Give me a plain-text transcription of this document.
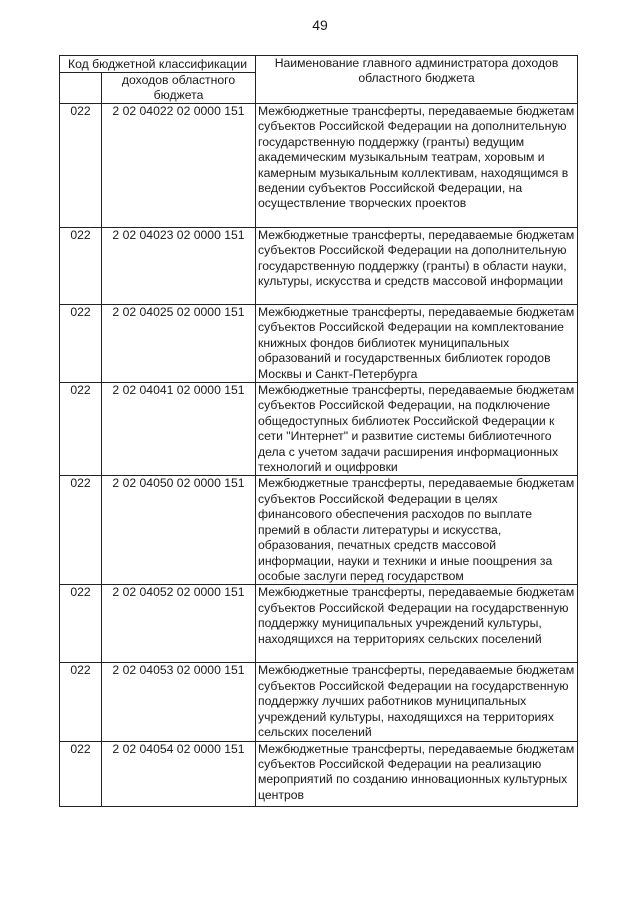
49
Код бюджетной классификации		Наименование главного администратора доходов областного бюджета
	доходов областного бюджета	
022	2 02 04022 02 0000 151	Межбюджетные трансферты, передаваемые бюджетам субъектов Российской Федерации на дополнительную государственную поддержку (гранты) ведущим академическим музыкальным театрам, хоровым и камерным музыкальным коллективам, находящимся в ведении субъектов Российской Федерации, на осуществление творческих проектов
022	2 02 04023 02 0000 151	Межбюджетные трансферты, передаваемые бюджетам субъектов Российской Федерации на дополнительную государственную поддержку (гранты) в области науки, культуры, искусства и средств массовой информации
022	2 02 04025 02 0000 151	Межбюджетные трансферты, передаваемые бюджетам субъектов Российской Федерации на комплектование книжных фондов библиотек муниципальных образований и государственных библиотек городов Москвы и Санкт-Петербурга
022	2 02 04041 02 0000 151	Межбюджетные трансферты, передаваемые бюджетам субъектов Российской Федерации, на подключение общедоступных библиотек Российской Федерации к сети "Интернет" и развитие системы библиотечного дела с учетом задачи расширения информационных технологий и оцифровки
022	2 02 04050 02 0000 151	Межбюджетные трансферты, передаваемые бюджетам субъектов Российской Федерации в целях финансового обеспечения расходов по выплате премий в области литературы и искусства, образования, печатных средств массовой информации, науки и техники и иные поощрения за особые заслуги перед государством
022	2 02 04052 02 0000 151	Межбюджетные трансферты, передаваемые бюджетам субъектов Российской Федерации на государственную поддержку муниципальных учреждений культуры, находящихся на территориях сельских поселений
022	2 02 04053 02 0000 151	Межбюджетные трансферты, передаваемые бюджетам субъектов Российской Федерации на государственную поддержку лучших работников муниципальных учреждений культуры, находящихся на территориях сельских поселений
022	2 02 04054 02 0000 151	Межбюджетные трансферты, передаваемые бюджетам субъектов Российской Федерации на реализацию мероприятий по созданию инновационных культурных центров
